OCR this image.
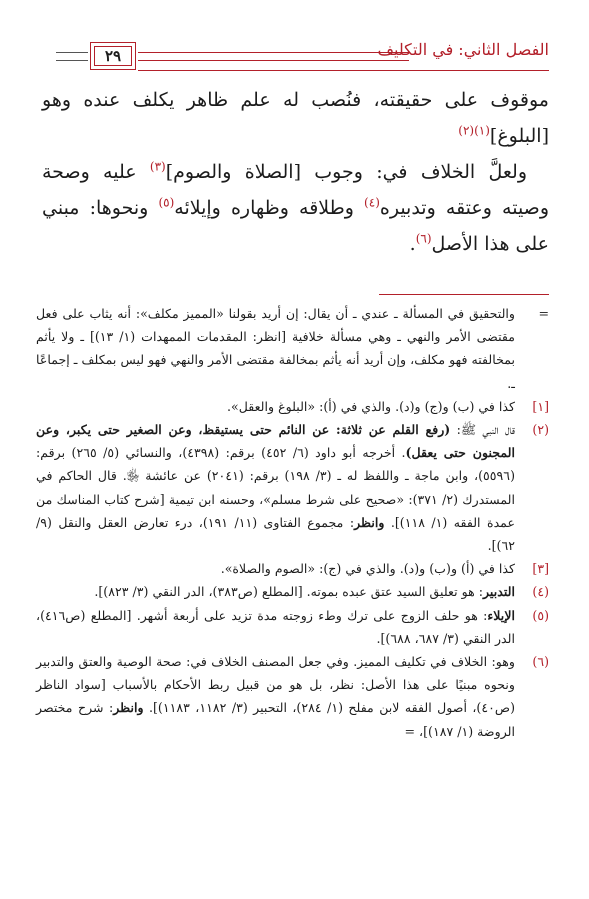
الفصل الثاني: في التكليف
٢٩

موقوف على حقيقته، فنُصب له علم ظاهر يكلف عنده وهو [البلوغ]$^{(١)(٢)}$

ولعلَّ الخلاف في: وجوب [الصلاة والصوم]$^{(٣)}$ عليه وصحة وصيته وعتقه وتدبيره$^{(٤)}$ وطلاقه وظهاره وإيلائه$^{(٥)}$ ونحوها: مبني على هذا الأصل$^{(٦)}$.

=
والتحقيق في المسألة ـ عندي ـ أن يقال: إن أريد بقولنا «المميز مكلف»: أنه يثاب على فعل مقتضى الأمر والنهي ـ وهي مسألة خلافية [انظر: المقدمات الممهدات (١/ ١٣)] ـ ولا يأثم بمخالفته فهو مكلف، وإن أريد أنه يأثم بمخالفة مقتضى الأمر والنهي فهو ليس بمكلف ـ إجماعًا ـ.
[١]
كذا في (ب) و(ج) و(د). والذي في (أ): «البلوغ والعقل».
(٢)
قال النبي ﷺ: (رفع القلم عن ثلاثة: عن النائم حتى يستيقظ، وعن الصغير حتى يكبر، وعن المجنون حتى يعقل). أخرجه أبو داود (٦/ ٤٥٢) برقم: (٤٣٩٨)، والنسائي (٥/ ٢٦٥) برقم: (٥٥٩٦)، وابن ماجة ـ واللفظ له ـ (٣/ ١٩٨) برقم: (٢٠٤١) عن عائشة ﵂. قال الحاكم في المستدرك (٢/ ٣٧١): «صحيح على شرط مسلم»، وحسنه ابن تيمية [شرح كتاب المناسك من عمدة الفقه (١/ ١١٨)]. وانظر: مجموع الفتاوى (١١/ ١٩١)، درء تعارض العقل والنقل (٩/ ٦٢)].
[٣]
كذا في (أ) و(ب) و(د). والذي في (ج): «الصوم والصلاة».
(٤)
التدبير: هو تعليق السيد عتق عبده بموته. [المطلع (ص٣٨٣)، الدر النقي (٣/ ٨٢٣)].
(٥)
الإيلاء: هو حلف الزوج على ترك وطء زوجته مدة تزيد على أربعة أشهر. [المطلع (ص٤١٦)، الدر النقي (٣/ ٦٨٧، ٦٨٨)].
(٦)
وهو: الخلاف في تكليف المميز. وفي جعل المصنف الخلاف في: صحة الوصية والعتق والتدبير ونحوه مبنيًا على هذا الأصل: نظر، بل هو من قبيل ربط الأحكام بالأسباب [سواد الناظر (ص٤٠)، أصول الفقه لابن مفلح (١/ ٢٨٤)، التحبير (٣/ ١١٨٢، ١١٨٣)]. وانظر: شرح مختصر الروضة (١/ ١٨٧)]، =
